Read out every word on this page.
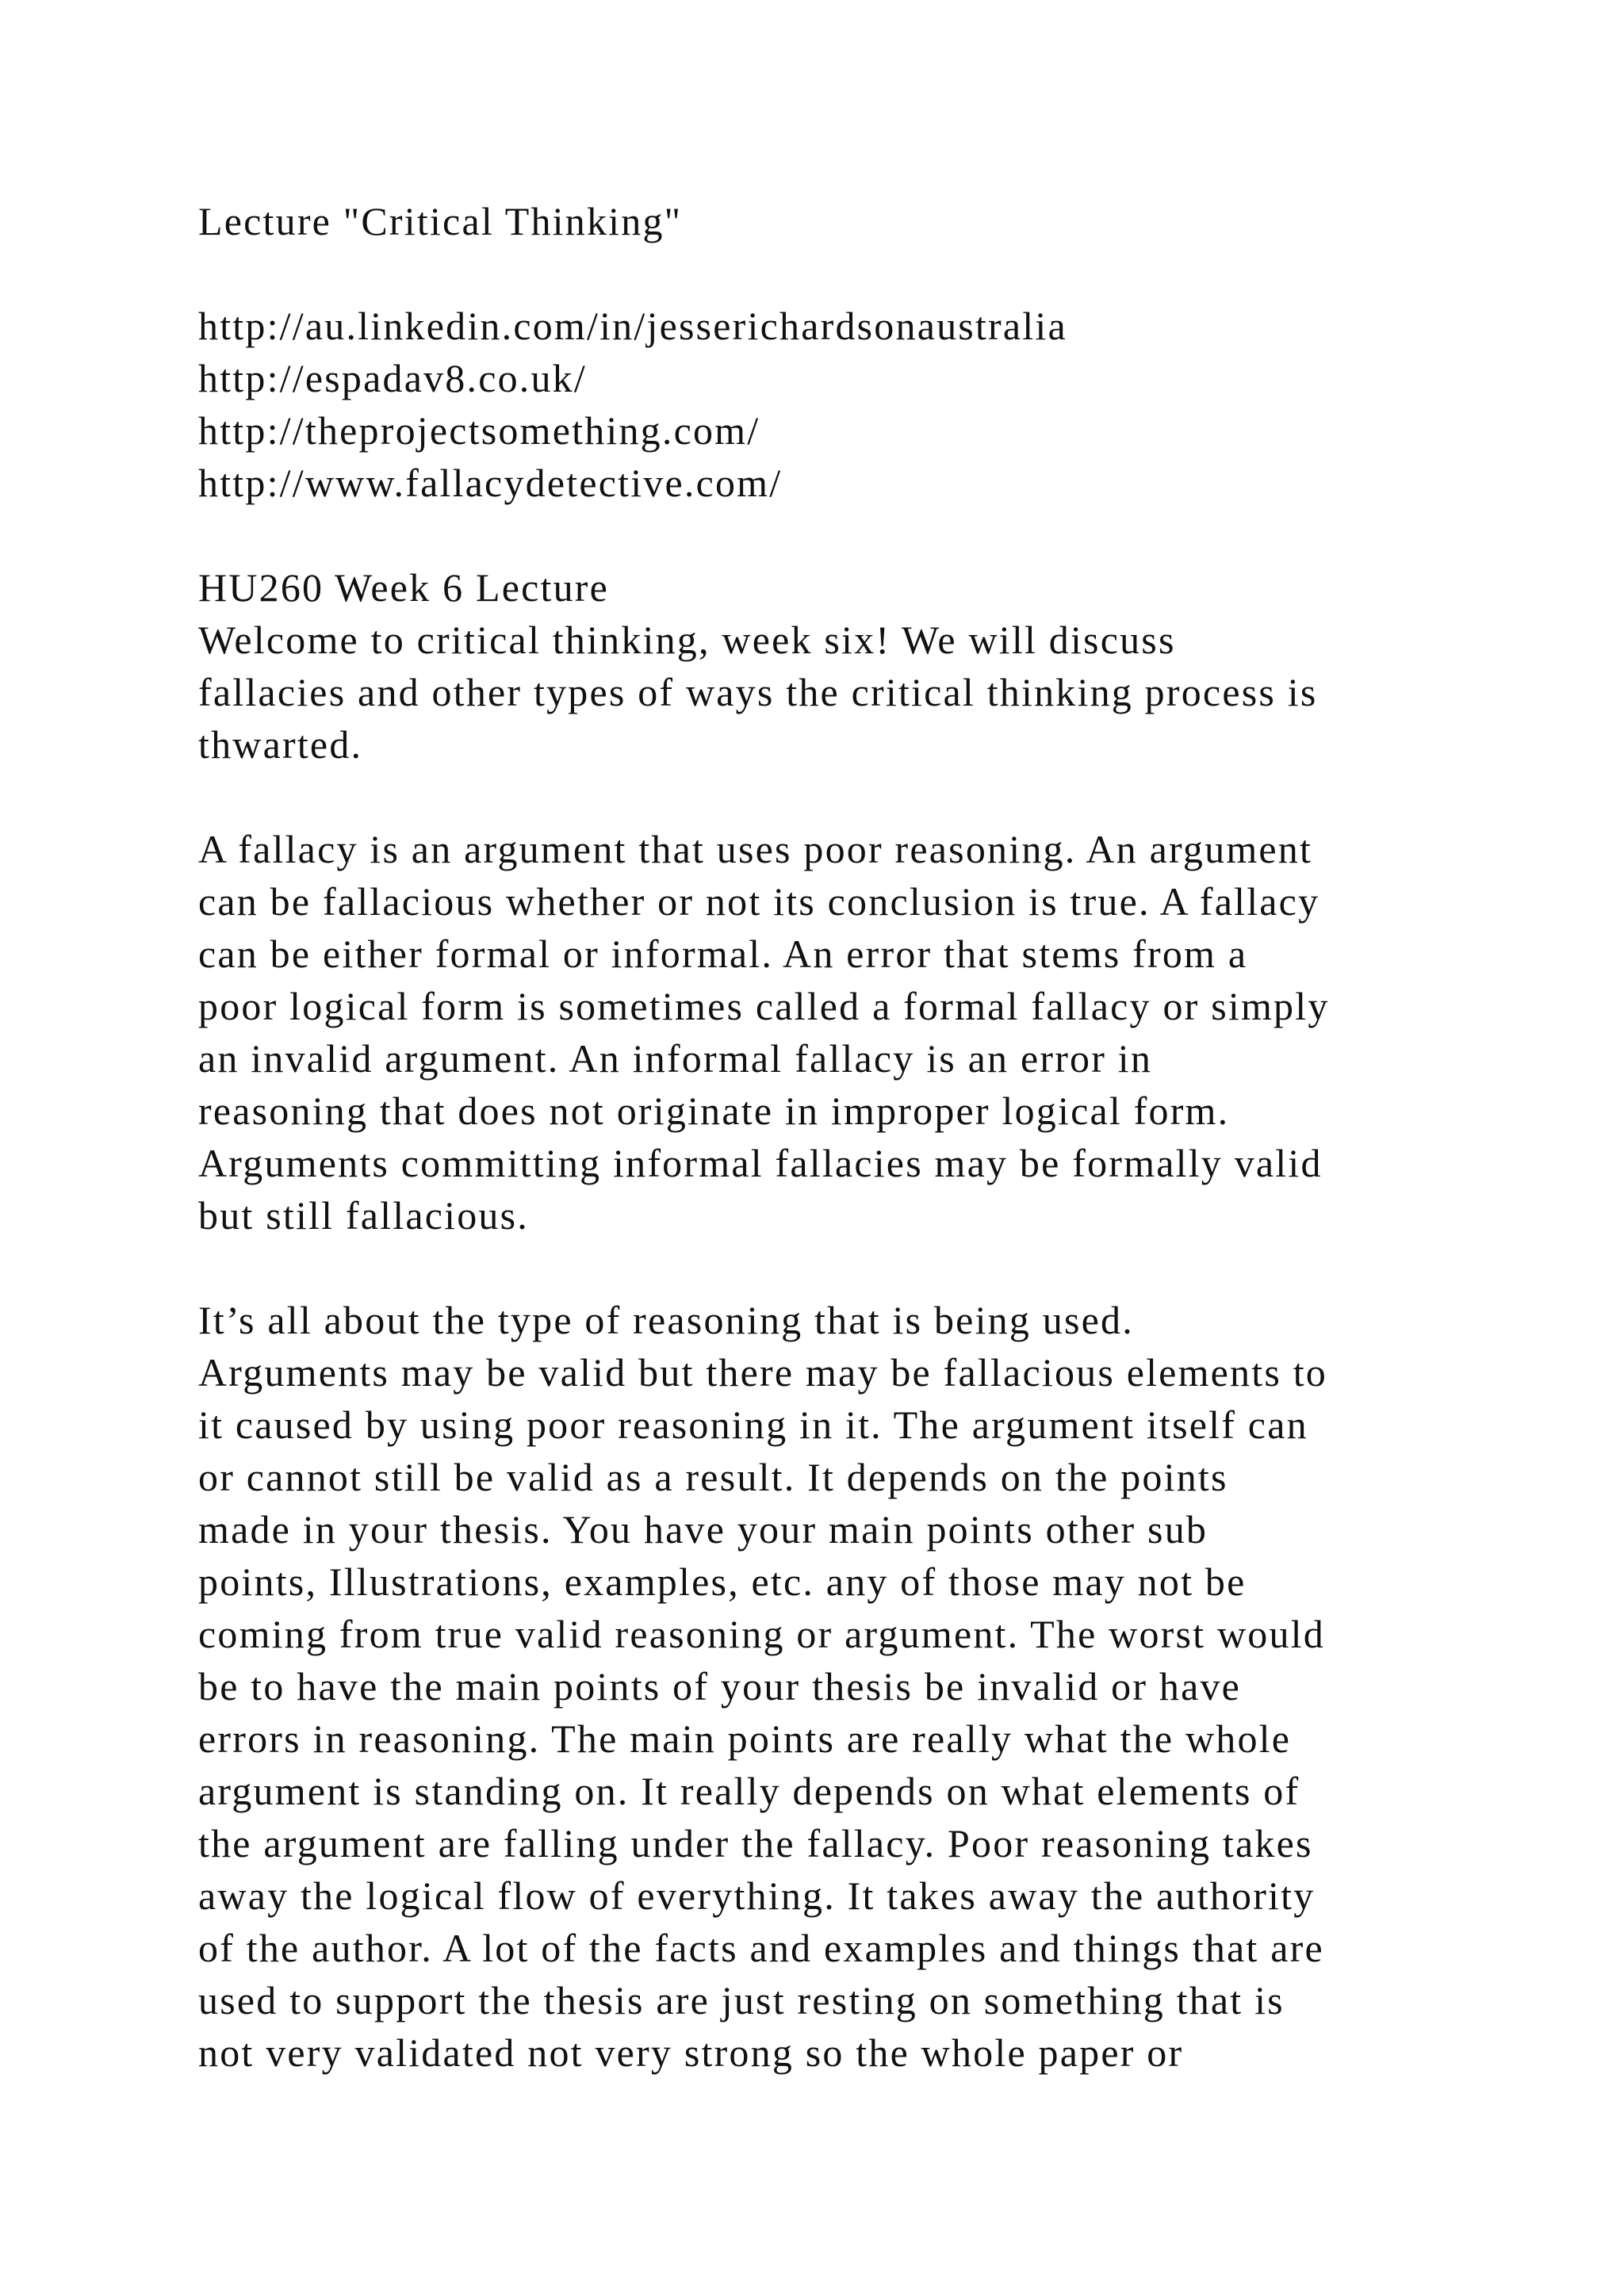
Lecture "Critical Thinking"
http://au.linkedin.com/in/jesserichardsonaustralia
http://espadav8.co.uk/
http://theprojectsomething.com/
http://www.fallacydetective.com/
HU260 Week 6 Lecture
Welcome to critical thinking, week six! We will discuss
fallacies and other types of ways the critical thinking process is
thwarted.
A fallacy is an argument that uses poor reasoning. An argument
can be fallacious whether or not its conclusion is true. A fallacy
can be either formal or informal. An error that stems from a
poor logical form is sometimes called a formal fallacy or simply
an invalid argument. An informal fallacy is an error in
reasoning that does not originate in improper logical form.
Arguments committing informal fallacies may be formally valid
but still fallacious.
It’s all about the type of reasoning that is being used.
Arguments may be valid but there may be fallacious elements to
it caused by using poor reasoning in it. The argument itself can
or cannot still be valid as a result. It depends on the points
made in your thesis. You have your main points other sub
points, Illustrations, examples, etc. any of those may not be
coming from true valid reasoning or argument. The worst would
be to have the main points of your thesis be invalid or have
errors in reasoning. The main points are really what the whole
argument is standing on. It really depends on what elements of
the argument are falling under the fallacy. Poor reasoning takes
away the logical flow of everything. It takes away the authority
of the author. A lot of the facts and examples and things that are
used to support the thesis are just resting on something that is
not very validated not very strong so the whole paper or
